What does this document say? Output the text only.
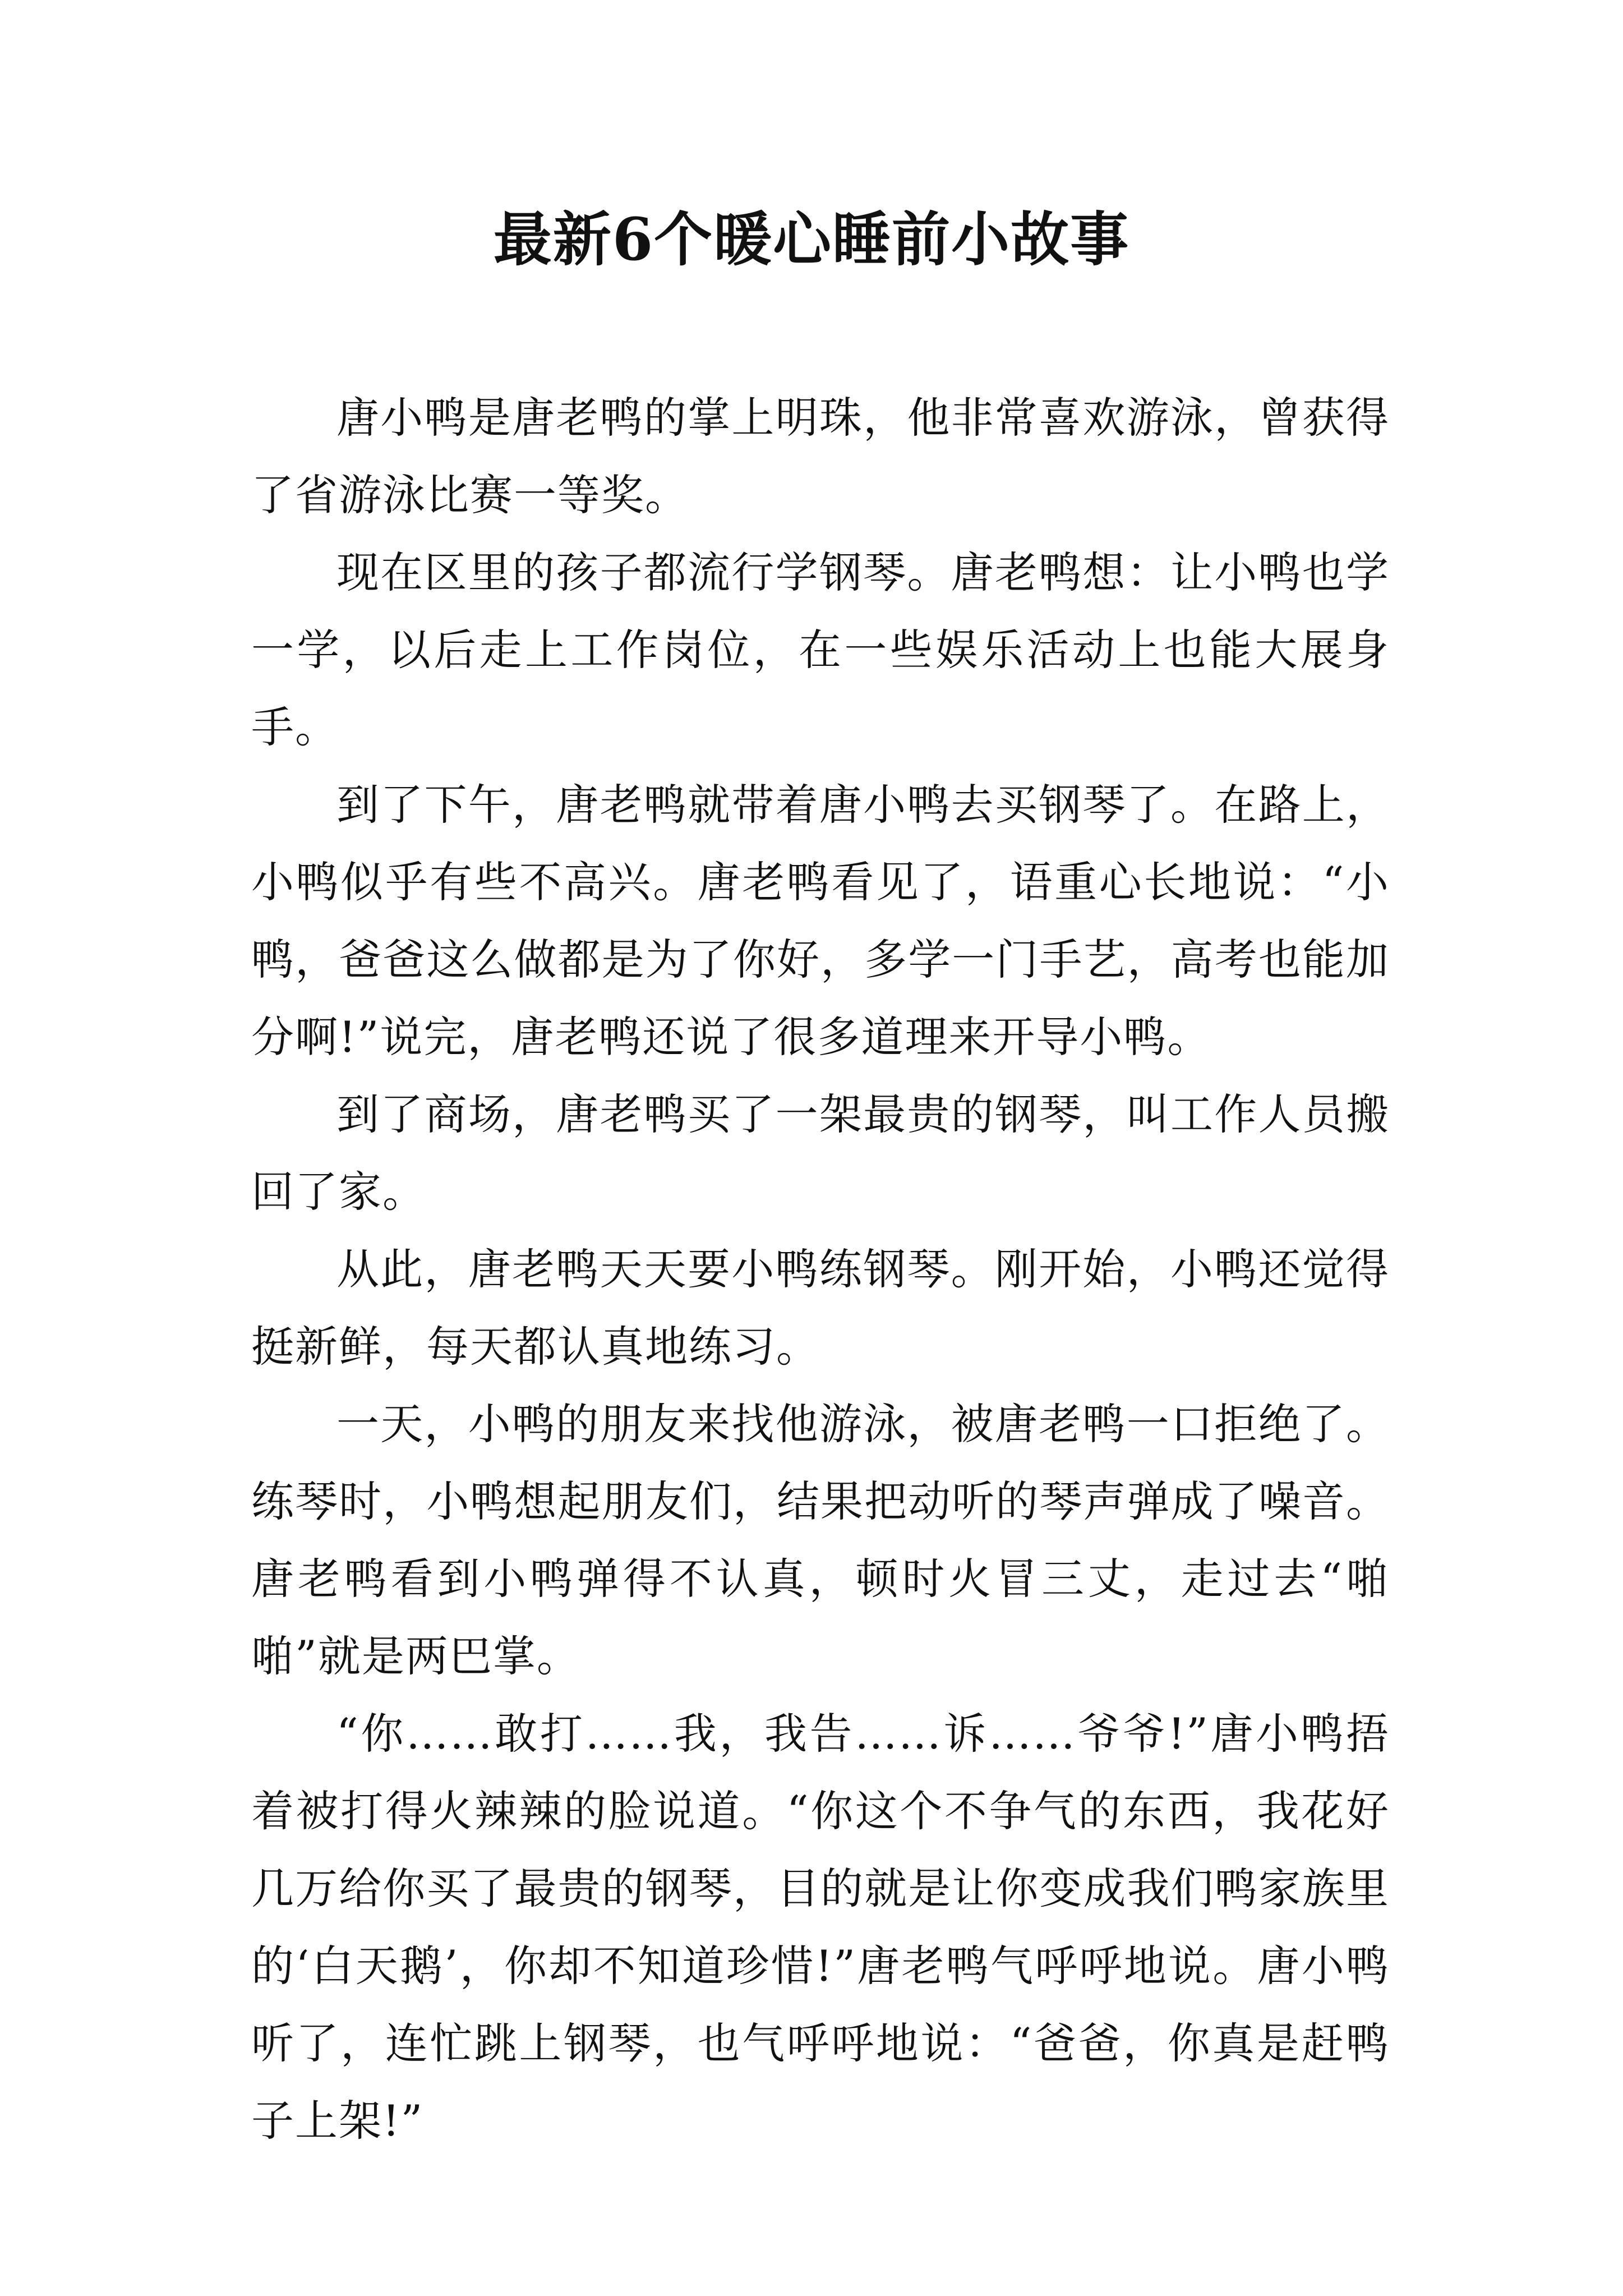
最新6个暖心睡前小故事

唐小鸭是唐老鸭的掌上明珠，他非常喜欢游泳，曾获得了省游泳比赛一等奖。

现在区里的孩子都流行学钢琴。唐老鸭想：让小鸭也学一学，以后走上工作岗位，在一些娱乐活动上也能大展身手。

到了下午，唐老鸭就带着唐小鸭去买钢琴了。在路上，小鸭似乎有些不高兴。唐老鸭看见了，语重心长地说：“小鸭，爸爸这么做都是为了你好，多学一门手艺，高考也能加分啊!”说完，唐老鸭还说了很多道理来开导小鸭。

到了商场，唐老鸭买了一架最贵的钢琴，叫工作人员搬回了家。

从此，唐老鸭天天要小鸭练钢琴。刚开始，小鸭还觉得挺新鲜，每天都认真地练习。

一天，小鸭的朋友来找他游泳，被唐老鸭一口拒绝了。练琴时，小鸭想起朋友们，结果把动听的琴声弹成了噪音。唐老鸭看到小鸭弹得不认真，顿时火冒三丈，走过去“啪啪”就是两巴掌。

“你……敢打……我，我告……诉……爷爷!”唐小鸭捂着被打得火辣辣的脸说道。“你这个不争气的东西，我花好几万给你买了最贵的钢琴，目的就是让你变成我们鸭家族里的‘白天鹅’，你却不知道珍惜!”唐老鸭气呼呼地说。唐小鸭听了，连忙跳上钢琴，也气呼呼地说：“爸爸，你真是赶鸭子上架!”
